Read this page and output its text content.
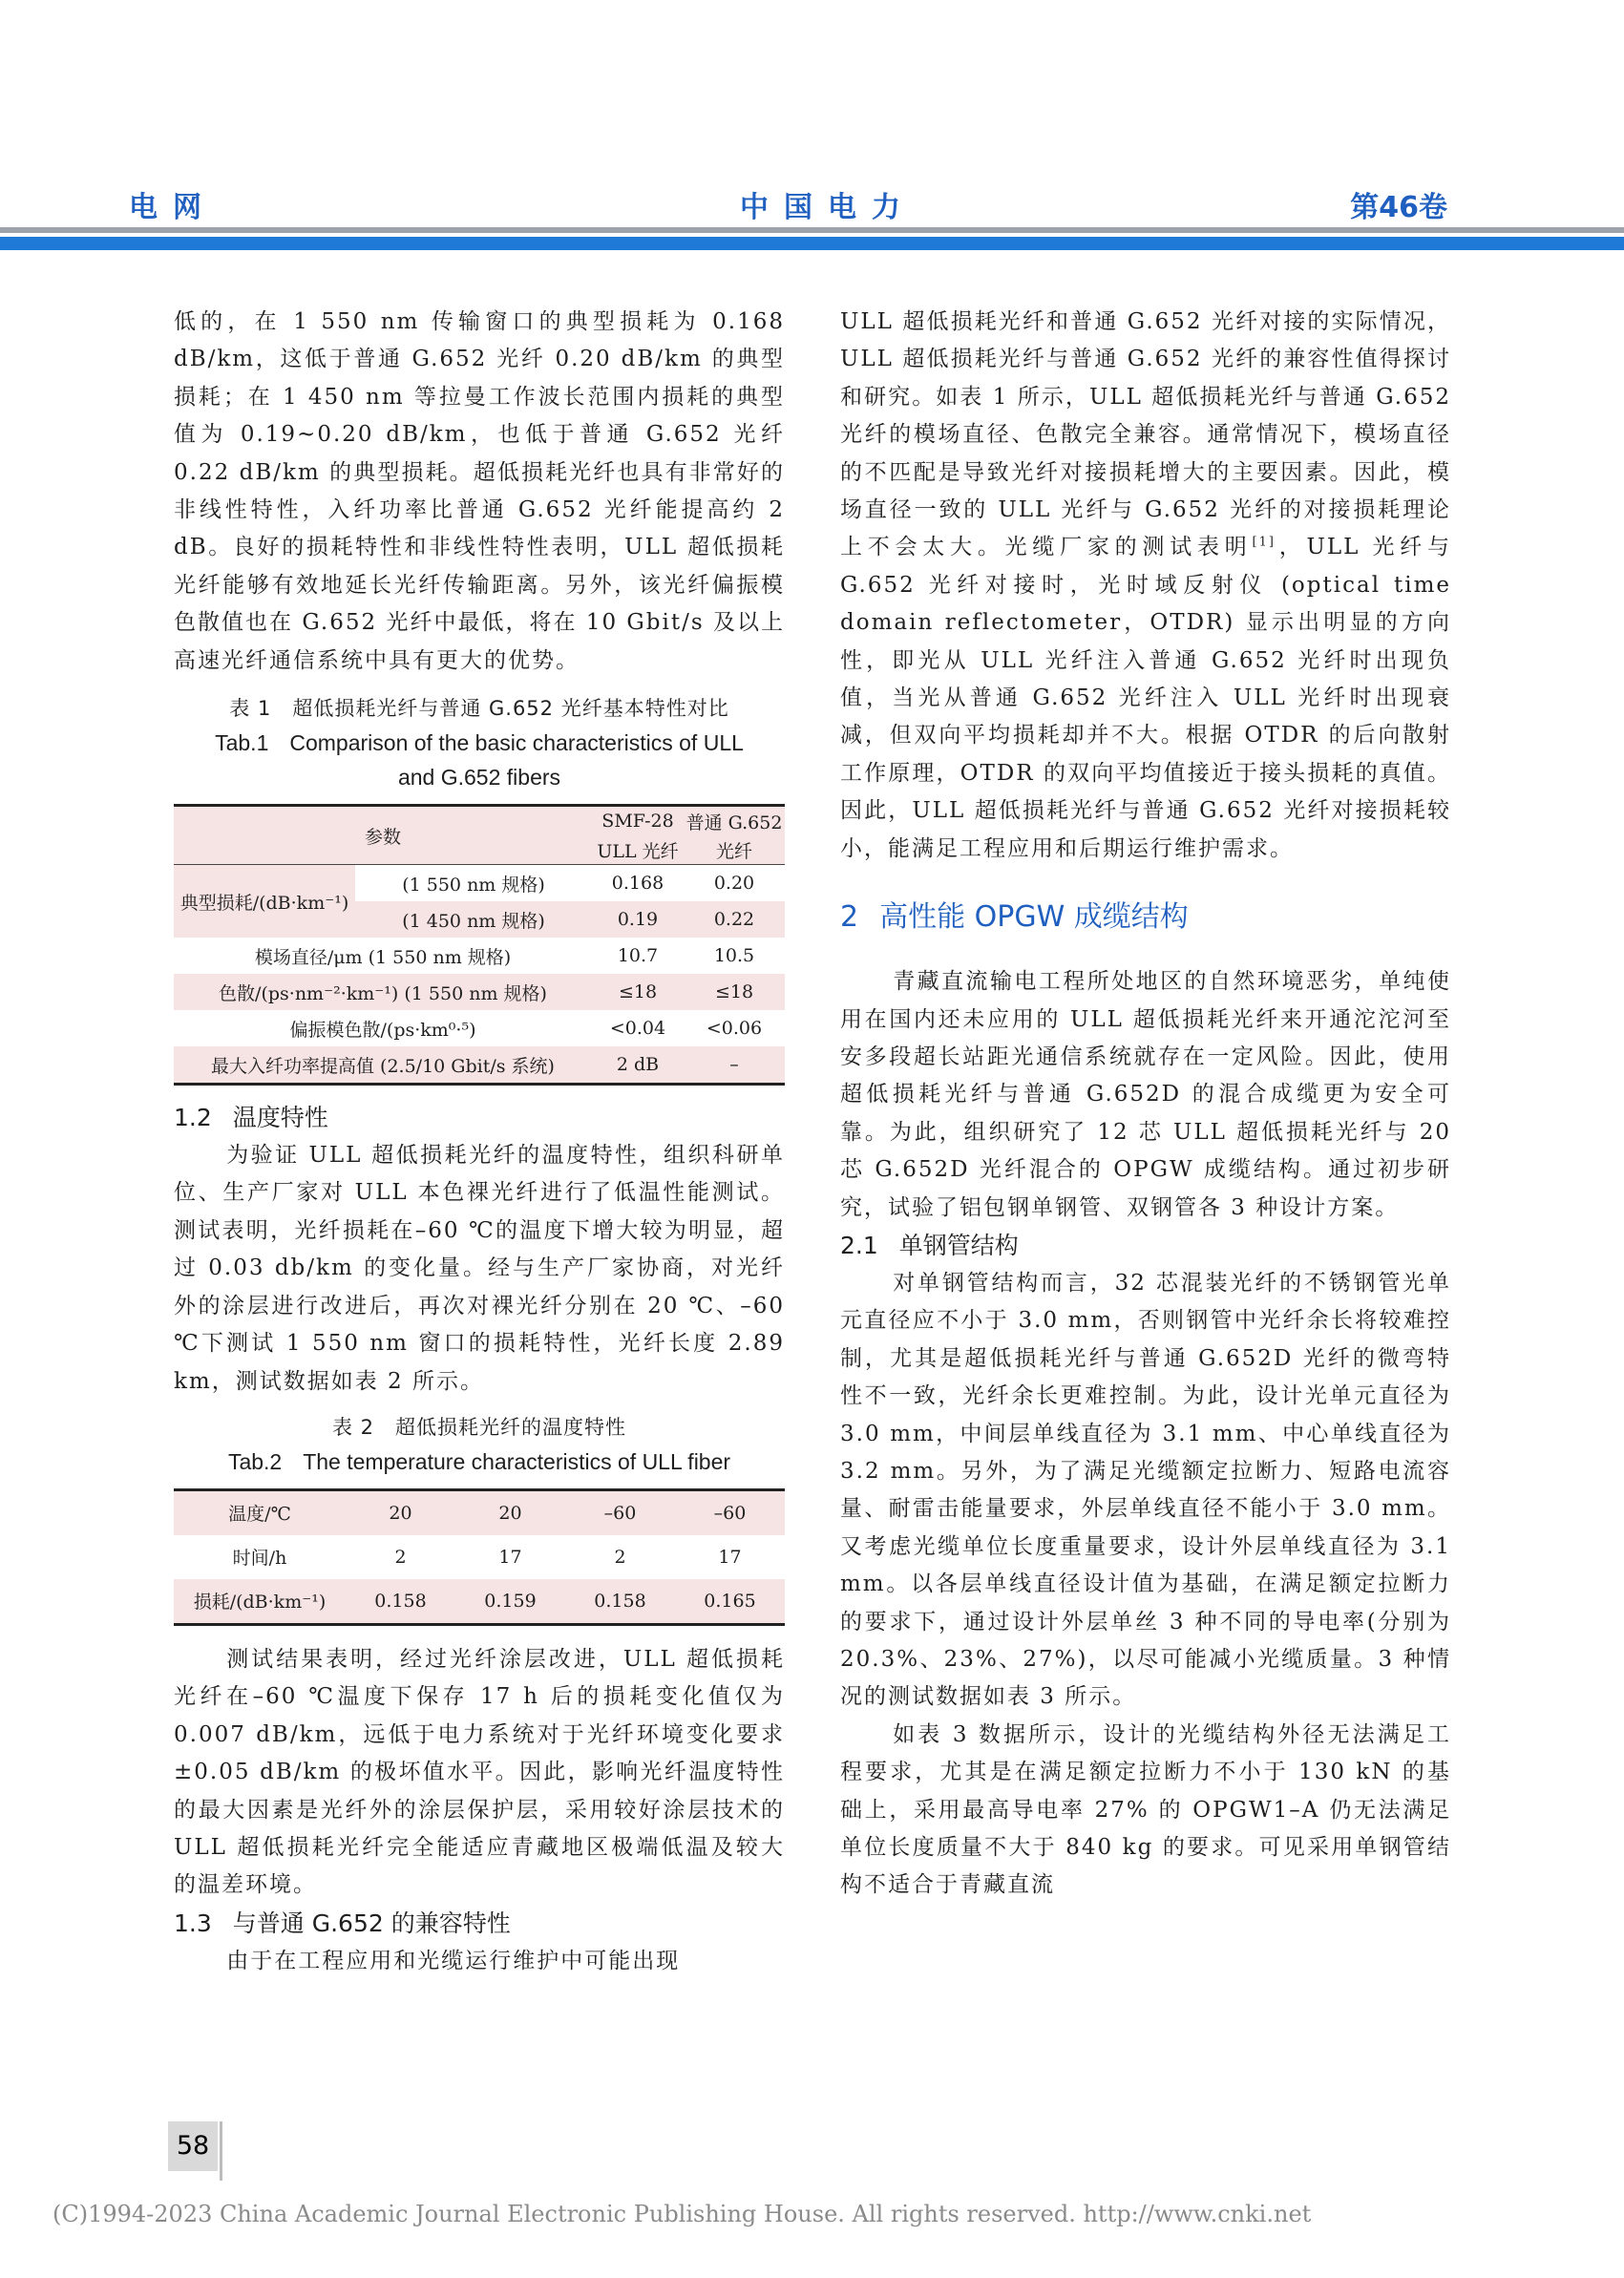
电网	中国电力	第46卷

低的，在 1 550 nm 传输窗口的典型损耗为 0.168 dB/km，这低于普通 G.652 光纤 0.20 dB/km 的典型损耗；在 1 450 nm 等拉曼工作波长范围内损耗的典型值为 0.19~0.20 dB/km，也低于普通 G.652 光纤 0.22 dB/km 的典型损耗。超低损耗光纤也具有非常好的非线性特性，入纤功率比普通 G.652 光纤能提高约 2 dB。良好的损耗特性和非线性特性表明，ULL 超低损耗光纤能够有效地延长光纤传输距离。另外，该光纤偏振模色散值也在 G.652 光纤中最低，将在 10 Gbit/s 及以上高速光纤通信系统中具有更大的优势。

表 1 超低损耗光纤与普通 G.652 光纤基本特性对比

Tab.1 Comparison of the basic characteristics of ULL

and G.652 fibers

参数		SMF-28	普通 G.652
		ULL 光纤	光纤
典型损耗/(dB·km⁻¹)	(1 550 nm 规格)	0.168	0.20
	(1 450 nm 规格)	0.19	0.22
模场直径/μm (1 550 nm 规格)		10.7	10.5
色散/(ps·nm⁻²·km⁻¹) (1 550 nm 规格)		≤18	≤18
偏振模色散/(ps·km⁰·⁵)		<0.04	<0.06
最大入纤功率提高值 (2.5/10 Gbit/s 系统)		2 dB	–

1.2 温度特性

为验证 ULL 超低损耗光纤的温度特性，组织科研单位、生产厂家对 ULL 本色裸光纤进行了低温性能测试。测试表明，光纤损耗在–60 ℃的温度下增大较为明显，超过 0.03 db/km 的变化量。经与生产厂家协商，对光纤外的涂层进行改进后，再次对裸光纤分别在 20 ℃、–60 ℃下测试 1 550 nm 窗口的损耗特性，光纤长度 2.89 km，测试数据如表 2 所示。

表 2 超低损耗光纤的温度特性

Tab.2 The temperature characteristics of ULL fiber

温度/℃	20	20	–60	–60
时间/h	2	17	2	17
损耗/(dB·km⁻¹)	0.158	0.159	0.158	0.165

测试结果表明，经过光纤涂层改进，ULL 超低损耗光纤在–60 ℃温度下保存 17 h 后的损耗变化值仅为 0.007 dB/km，远低于电力系统对于光纤环境变化要求±0.05 dB/km 的极坏值水平。因此，影响光纤温度特性的最大因素是光纤外的涂层保护层，采用较好涂层技术的 ULL 超低损耗光纤完全能适应青藏地区极端低温及较大的温差环境。

1.3 与普通 G.652 的兼容特性

由于在工程应用和光缆运行维护中可能出现

ULL 超低损耗光纤和普通 G.652 光纤对接的实际情况，ULL 超低损耗光纤与普通 G.652 光纤的兼容性值得探讨和研究。如表 1 所示，ULL 超低损耗光纤与普通 G.652 光纤的模场直径、色散完全兼容。通常情况下，模场直径的不匹配是导致光纤对接损耗增大的主要因素。因此，模场直径一致的 ULL 光纤与 G.652 光纤的对接损耗理论上不会太大。光缆厂家的测试表明[1]，ULL 光纤与 G.652 光纤对接时，光时域反射仪 (optical time domain reflectometer，OTDR) 显示出明显的方向性，即光从 ULL 光纤注入普通 G.652 光纤时出现负值，当光从普通 G.652 光纤注入 ULL 光纤时出现衰减，但双向平均损耗却并不大。根据 OTDR 的后向散射工作原理，OTDR 的双向平均值接近于接头损耗的真值。因此，ULL 超低损耗光纤与普通 G.652 光纤对接损耗较小，能满足工程应用和后期运行维护需求。

2 高性能 OPGW 成缆结构

青藏直流输电工程所处地区的自然环境恶劣，单纯使用在国内还未应用的 ULL 超低损耗光纤来开通沱沱河至安多段超长站距光通信系统就存在一定风险。因此，使用超低损耗光纤与普通 G.652D 的混合成缆更为安全可靠。为此，组织研究了 12 芯 ULL 超低损耗光纤与 20 芯 G.652D 光纤混合的 OPGW 成缆结构。通过初步研究，试验了铝包钢单钢管、双钢管各 3 种设计方案。

2.1 单钢管结构

对单钢管结构而言，32 芯混装光纤的不锈钢管光单元直径应不小于 3.0 mm，否则钢管中光纤余长将较难控制，尤其是超低损耗光纤与普通 G.652D 光纤的微弯特性不一致，光纤余长更难控制。为此，设计光单元直径为 3.0 mm，中间层单线直径为 3.1 mm、中心单线直径为 3.2 mm。另外，为了满足光缆额定拉断力、短路电流容量、耐雷击能量要求，外层单线直径不能小于 3.0 mm。又考虑光缆单位长度重量要求，设计外层单线直径为 3.1 mm。以各层单线直径设计值为基础，在满足额定拉断力的要求下，通过设计外层单丝 3 种不同的导电率(分别为 20.3%、23%、27%)，以尽可能减小光缆质量。3 种情况的测试数据如表 3 所示。

如表 3 数据所示，设计的光缆结构外径无法满足工程要求，尤其是在满足额定拉断力不小于 130 kN 的基础上，采用最高导电率 27% 的 OPGW1–A 仍无法满足单位长度质量不大于 840 kg 的要求。可见采用单钢管结构不适合于青藏直流

58
(C)1994-2023 China Academic Journal Electronic Publishing House. All rights reserved. http://www.cnki.net
